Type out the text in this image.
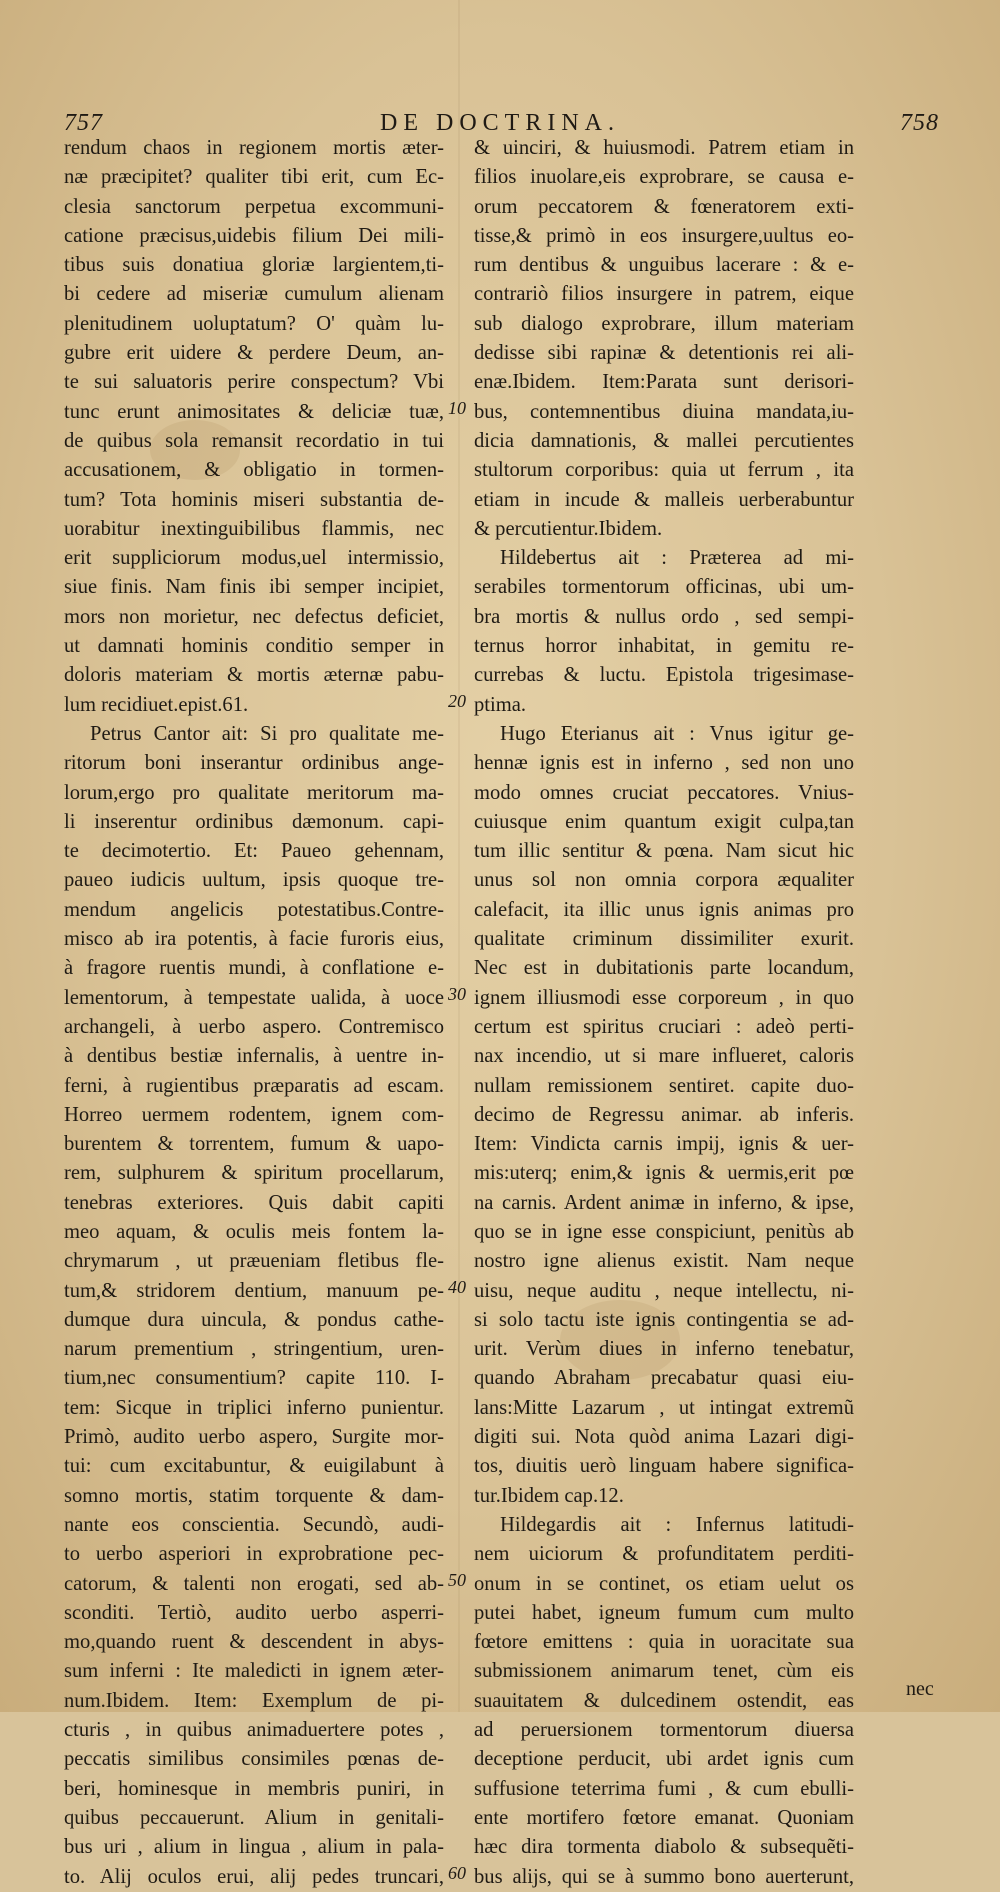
757	DE DOCTRINA.	758
rendum chaos in regionem mortis æter-
næ præcipitet? qualiter tibi erit, cum Ec-
clesia sanctorum perpetua excommuni-
catione præcisus,uidebis filium Dei mili-
tibus suis donatiua gloriæ largientem,ti-
bi cedere ad miseriæ cumulum alienam
plenitudinem uoluptatum? O' quàm lu-
gubre erit uidere & perdere Deum, an-
te sui saluatoris perire conspectum? Vbi
tunc erunt animositates & deliciæ tuæ,
de quibus sola remansit recordatio in tui
accusationem, & obligatio in tormen-
tum? Tota hominis miseri substantia de-
uorabitur inextinguibilibus flammis, nec
erit suppliciorum modus,uel intermissio,
siue finis. Nam finis ibi semper incipiet,
mors non morietur, nec defectus deficiet,
ut damnati hominis conditio semper in
doloris materiam & mortis æternæ pabu-
lum recidiuet.epist.61.
Petrus Cantor ait: Si pro qualitate me-
ritorum boni inserantur ordinibus ange-
lorum,ergo pro qualitate meritorum ma-
li inserentur ordinibus dæmonum. capi-
te decimotertio. Et: Paueo gehennam,
paueo iudicis uultum, ipsis quoque tre-
mendum angelicis potestatibus.Contre-
misco ab ira potentis, à facie furoris eius,
à fragore ruentis mundi, à conflatione e-
lementorum, à tempestate ualida, à uoce
archangeli, à uerbo aspero. Contremisco
à dentibus bestiæ infernalis, à uentre in-
ferni, à rugientibus præparatis ad escam.
Horreo uermem rodentem, ignem com-
burentem & torrentem, fumum & uapo-
rem, sulphurem & spiritum procellarum,
tenebras exteriores. Quis dabit capiti
meo aquam, & oculis meis fontem la-
chrymarum , ut præueniam fletibus fle-
tum,& stridorem dentium, manuum pe-
dumque dura uincula, & pondus cathe-
narum prementium , stringentium, uren-
tium,nec consumentium? capite 110. I-
tem: Sicque in triplici inferno punientur.
Primò, audito uerbo aspero, Surgite mor-
tui: cum excitabuntur, & euigilabunt à
somno mortis, statim torquente & dam-
nante eos conscientia. Secundò, audi-
to uerbo asperiori in exprobratione pec-
catorum, & talenti non erogati, sed ab-
sconditi. Tertiò, audito uerbo asperri-
mo,quando ruent & descendent in abys-
sum inferni : Ite maledicti in ignem æter-
num.Ibidem. Item: Exemplum de pi-
cturis , in quibus animaduertere potes ,
peccatis similibus consimiles pœnas de-
beri, hominesque in membris puniri, in
quibus peccauerunt. Alium in genitali-
bus uri , alium in lingua , alium in pala-
to. Alij oculos erui, alij pedes truncari,
10
20
30
40
50
60
& uinciri, & huiusmodi. Patrem etiam in
filios inuolare,eis exprobrare, se causa e-
orum peccatorem & fœneratorem exti-
tisse,& primò in eos insurgere,uultus eo-
rum dentibus & unguibus lacerare : & e-
contrariò filios insurgere in patrem, eique
sub dialogo exprobrare, illum materiam
dedisse sibi rapinæ & detentionis rei ali-
enæ.Ibidem. Item:Parata sunt derisori-
bus, contemnentibus diuina mandata,iu-
dicia damnationis, & mallei percutientes
stultorum corporibus: quia ut ferrum , ita
etiam in incude & malleis uerberabuntur
& percutientur.Ibidem.
Hildebertus ait : Præterea ad mi-
serabiles tormentorum officinas, ubi um-
bra mortis & nullus ordo , sed sempi-
ternus horror inhabitat, in gemitu re-
currebas & luctu. Epistola trigesimase-
ptima.
Hugo Eterianus ait : Vnus igitur ge-
hennæ ignis est in inferno , sed non uno
modo omnes cruciat peccatores. Vnius-
cuiusque enim quantum exigit culpa,tan
tum illic sentitur & pœna. Nam sicut hic
unus sol non omnia corpora æqualiter
calefacit, ita illic unus ignis animas pro
qualitate criminum dissimiliter exurit.
Nec est in dubitationis parte locandum,
ignem illiusmodi esse corporeum , in quo
certum est spiritus cruciari : adeò perti-
nax incendio, ut si mare influeret, caloris
nullam remissionem sentiret. capite duo-
decimo de Regressu animar. ab inferis.
Item: Vindicta carnis impij, ignis & uer-
mis:uterq; enim,& ignis & uermis,erit pœ
na carnis. Ardent animæ in inferno, & ipse,
quo se in igne esse conspiciunt, penitùs ab
nostro igne alienus existit. Nam neque
uisu, neque auditu , neque intellectu, ni-
si solo tactu iste ignis contingentia se ad-
urit. Verùm diues in inferno tenebatur,
quando Abraham precabatur quasi eiu-
lans:Mitte Lazarum , ut intingat extremũ
digiti sui. Nota quòd anima Lazari digi-
tos, diuitis uerò linguam habere significa-
tur.Ibidem cap.12.
Hildegardis ait : Infernus latitudi-
nem uiciorum & profunditatem perditi-
onum in se continet, os etiam uelut os
putei habet, igneum fumum cum multo
fœtore emittens : quia in uoracitate sua
submissionem animarum tenet, cùm eis
suauitatem & dulcedinem ostendit, eas
ad peruersionem tormentorum diuersa
deceptione perducit, ubi ardet ignis cum
suffusione teterrima fumi , & cum ebulli-
ente mortifero fœtore emanat. Quoniam
hæc dira tormenta diabolo & subsequẽti-
bus alijs, qui se à summo bono auerterunt,
nec
